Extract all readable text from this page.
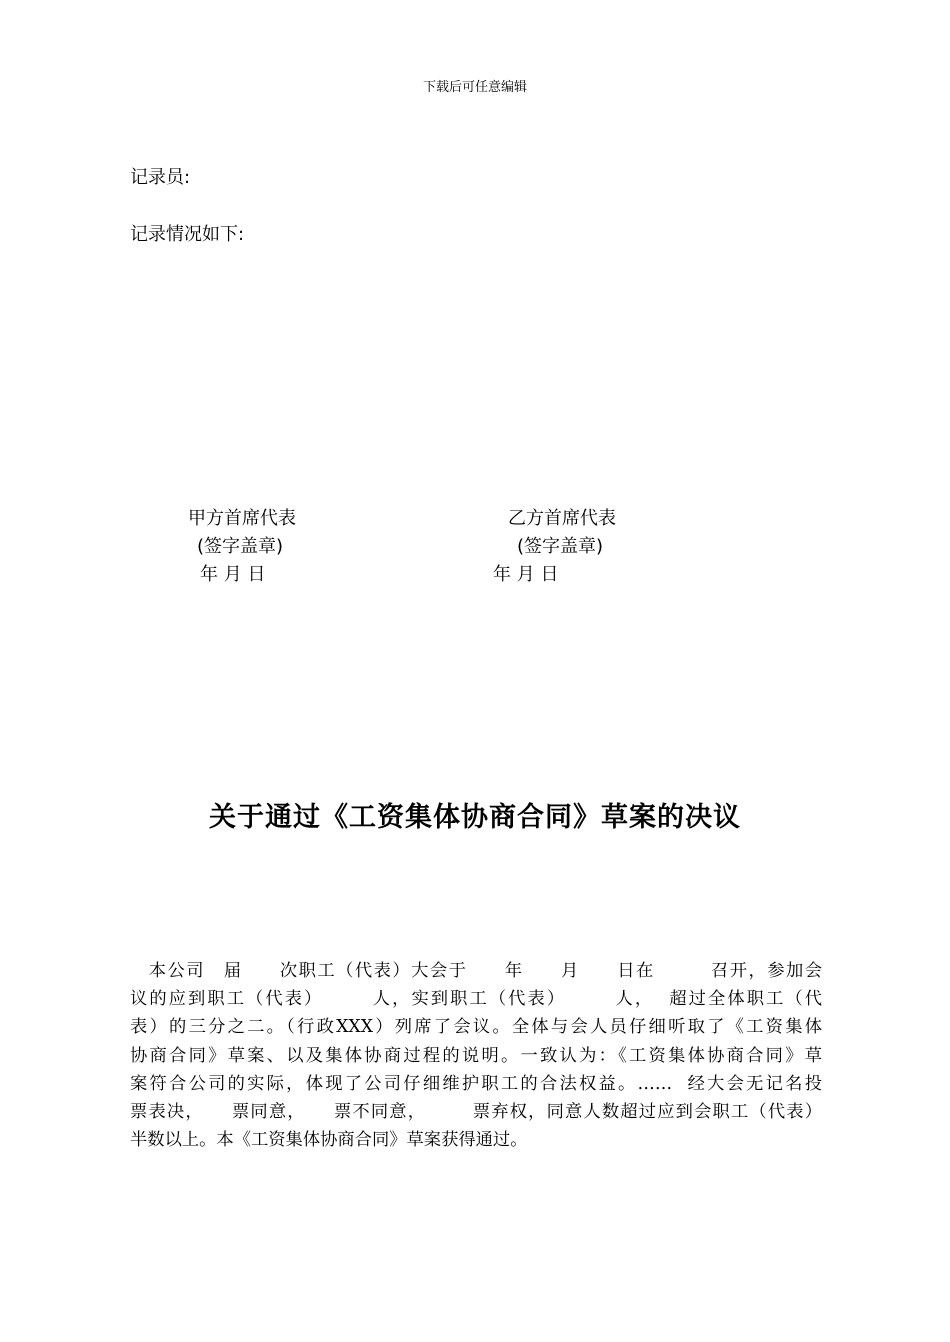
下载后可任意编辑
记录员:
记录情况如下:
甲方首席代表
(签字盖章)
年 月 日
乙方首席代表
(签字盖章)
年 月 日
关于通过《工资集体协商合同》草案的决议
　本公司　届　　次职工（代表）大会于　　年　　月　　日在　　　召开，参加会
议的应到职工（代表）　　　人，实到职工（代表）　　　人，  超过全体职工（代
表）的三分之二。（行政XXX）列席了会议。全体与会人员仔细听取了《工资集体
协商合同》草案、以及集体协商过程的说明。一致认为：《工资集体协商合同》草
案符合公司的实际，体现了公司仔细维护职工的合法权益。……  经大会无记名投
票表决，　　票同意，　　票不同意，　　　票弃权，同意人数超过应到会职工（代表）
半数以上。本《工资集体协商合同》草案获得通过。
